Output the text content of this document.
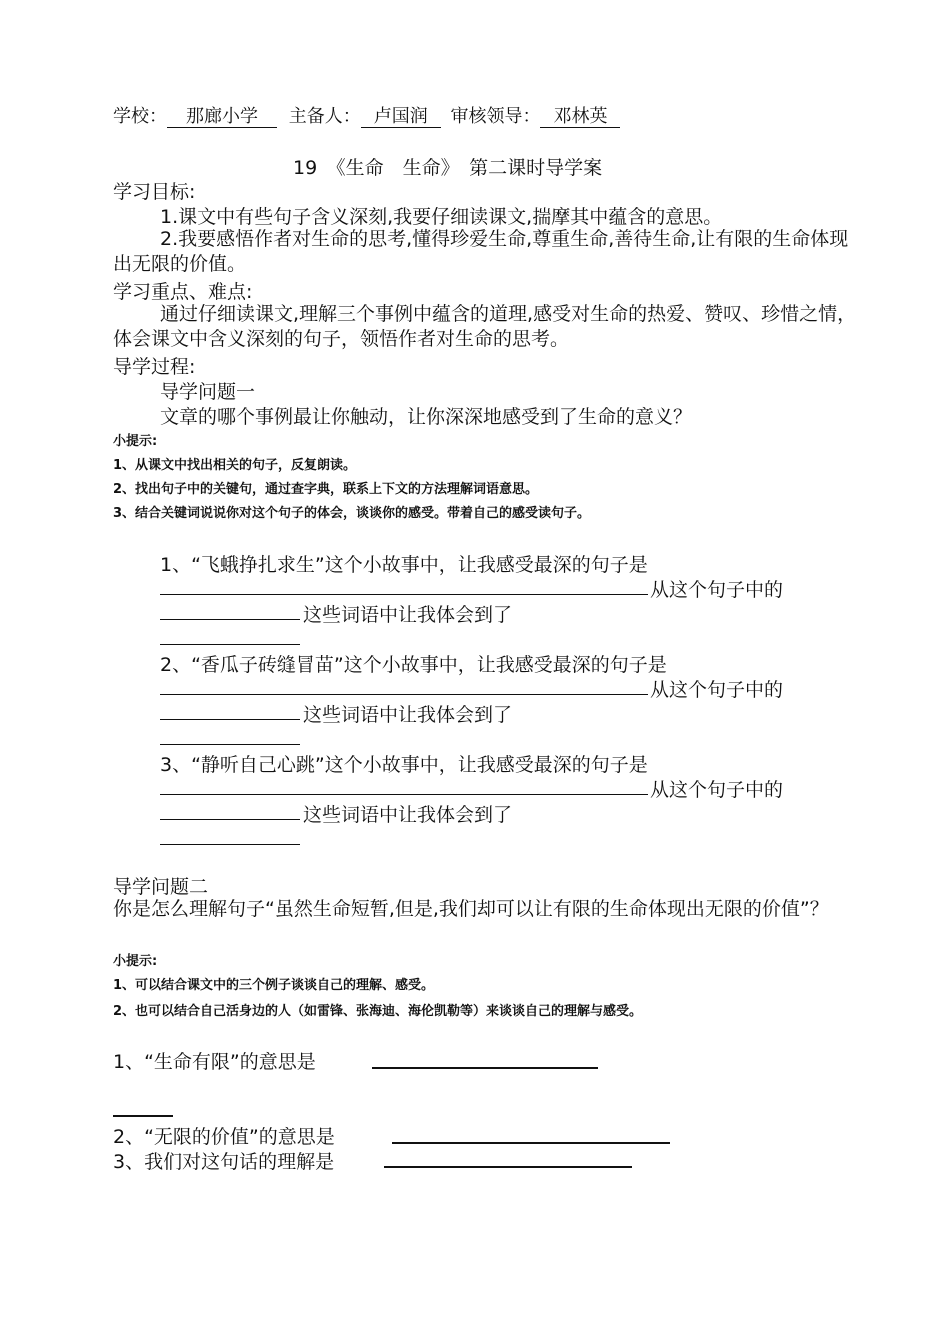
学校： 那廊小学 主备人： 卢国润 审核领导： 邓林英
19　《生命　生命》　第二课时导学案
学习目标:
1.课文中有些句子含义深刻,我要仔细读课文,揣摩其中蕴含的意思。
2.我要感悟作者对生命的思考,懂得珍爱生命,尊重生命,善待生命,让有限的生命体现出无限的价值。
学习重点、难点:
通过仔细读课文,理解三个事例中蕴含的道理,感受对生命的热爱、赞叹、珍惜之情，体会课文中含义深刻的句子，领悟作者对生命的思考。
导学过程:
导学问题一
文章的哪个事例最让你触动，让你深深地感受到了生命的意义？
小提示:
1、从课文中找出相关的句子，反复朗读。
2、找出句子中的关键句，通过查字典，联系上下文的方法理解词语意思。
3、结合关键词说说你对这个句子的体会，谈谈你的感受。带着自己的感受读句子。
1、“飞蛾挣扎求生”这个小故事中，让我感受最深的句子是
从这个句子中的
这些词语中让我体会到了
2、“香瓜子砖缝冒苗”这个小故事中，让我感受最深的句子是
从这个句子中的
这些词语中让我体会到了
3、“静听自己心跳”这个小故事中，让我感受最深的句子是
从这个句子中的
这些词语中让我体会到了
导学问题二
你是怎么理解句子“虽然生命短暂,但是,我们却可以让有限的生命体现出无限的价值”？
小提示:
1、可以结合课文中的三个例子谈谈自己的理解、感受。
2、也可以结合自己活身边的人（如雷锋、张海迪、海伦凯勒等）来谈谈自己的理解与感受。
1、“生命有限”的意思是
2、“无限的价值”的意思是
3、我们对这句话的理解是
